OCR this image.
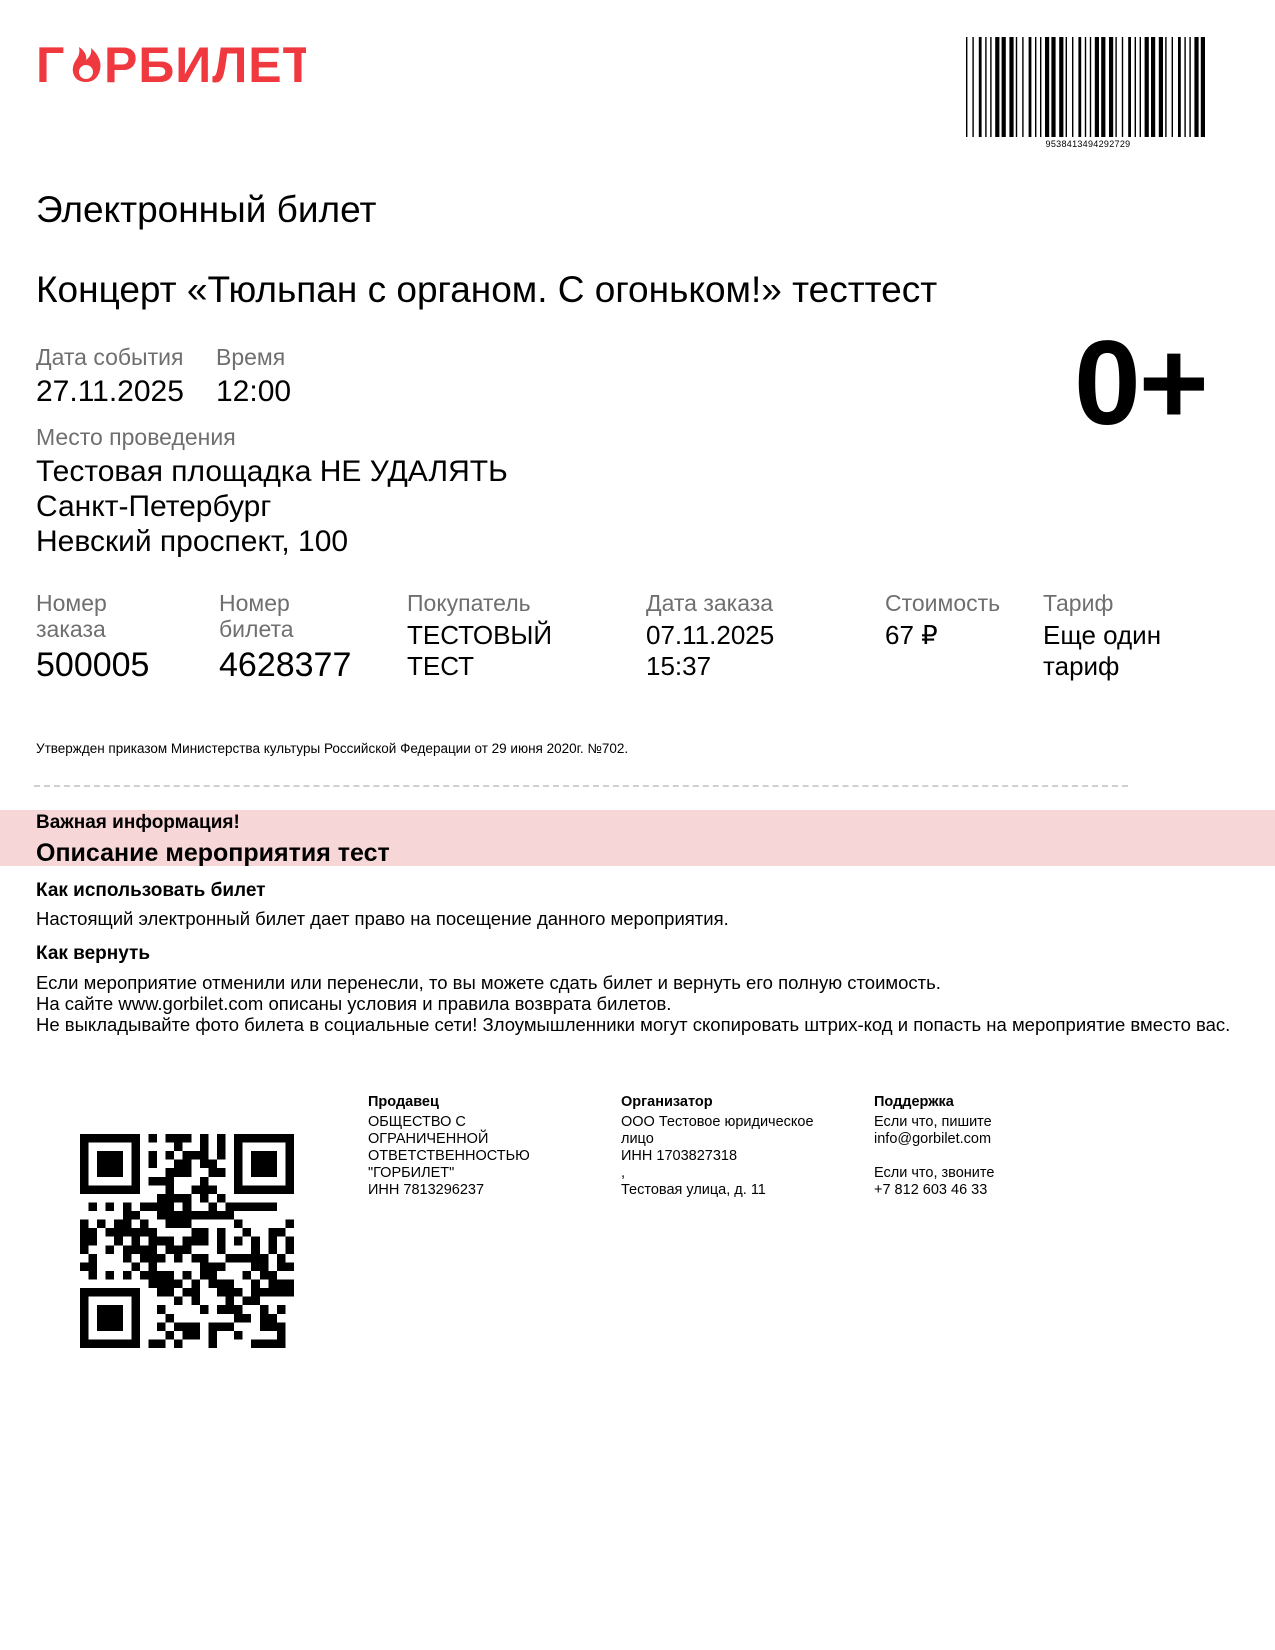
Г РБИЛЕТ
9538413494292729
Электронный билет
Концерт «Тюльпан с органом. С огоньком!» тесттест
Дата события
27.11.2025
Время
12:00	0+
Место проведения
Тестовая площадка НЕ УДАЛЯТЬ
Санкт-Петербург
Невский проспект, 100
Номер
заказа
500005
Номер
билета
4628377
Покупатель
ТЕСТОВЫЙ
ТЕСТ
Дата заказа
07.11.2025
15:37
Стоимость
67 ₽
Тариф
Еще один
тариф
Утвержден приказом Министерства культуры Российской Федерации от 29 июня 2020г. №702.
Важная информация!
Описание мероприятия тест
Как использовать билет
Настоящий электронный билет дает право на посещение данного мероприятия.
Как вернуть
Если мероприятие отменили или перенесли, то вы можете сдать билет и вернуть его полную стоимость.
На сайте www.gorbilet.com описаны условия и правила возврата билетов.
Не выкладывайте фото билета в социальные сети! Злоумышленники могут скопировать штрих-код и попасть на мероприятие вместо вас.
Продавец
ОБЩЕСТВО С
ОГРАНИЧЕННОЙ
ОТВЕТСТВЕННОСТЬЮ
"ГОРБИЛЕТ"
ИНН 7813296237
Организатор
ООО Тестовое юридическое
лицо
ИНН 1703827318
,
Тестовая улица, д. 11
Поддержка
Если что, пишите
info@gorbilet.com

Если что, звоните
+7 812 603 46 33
